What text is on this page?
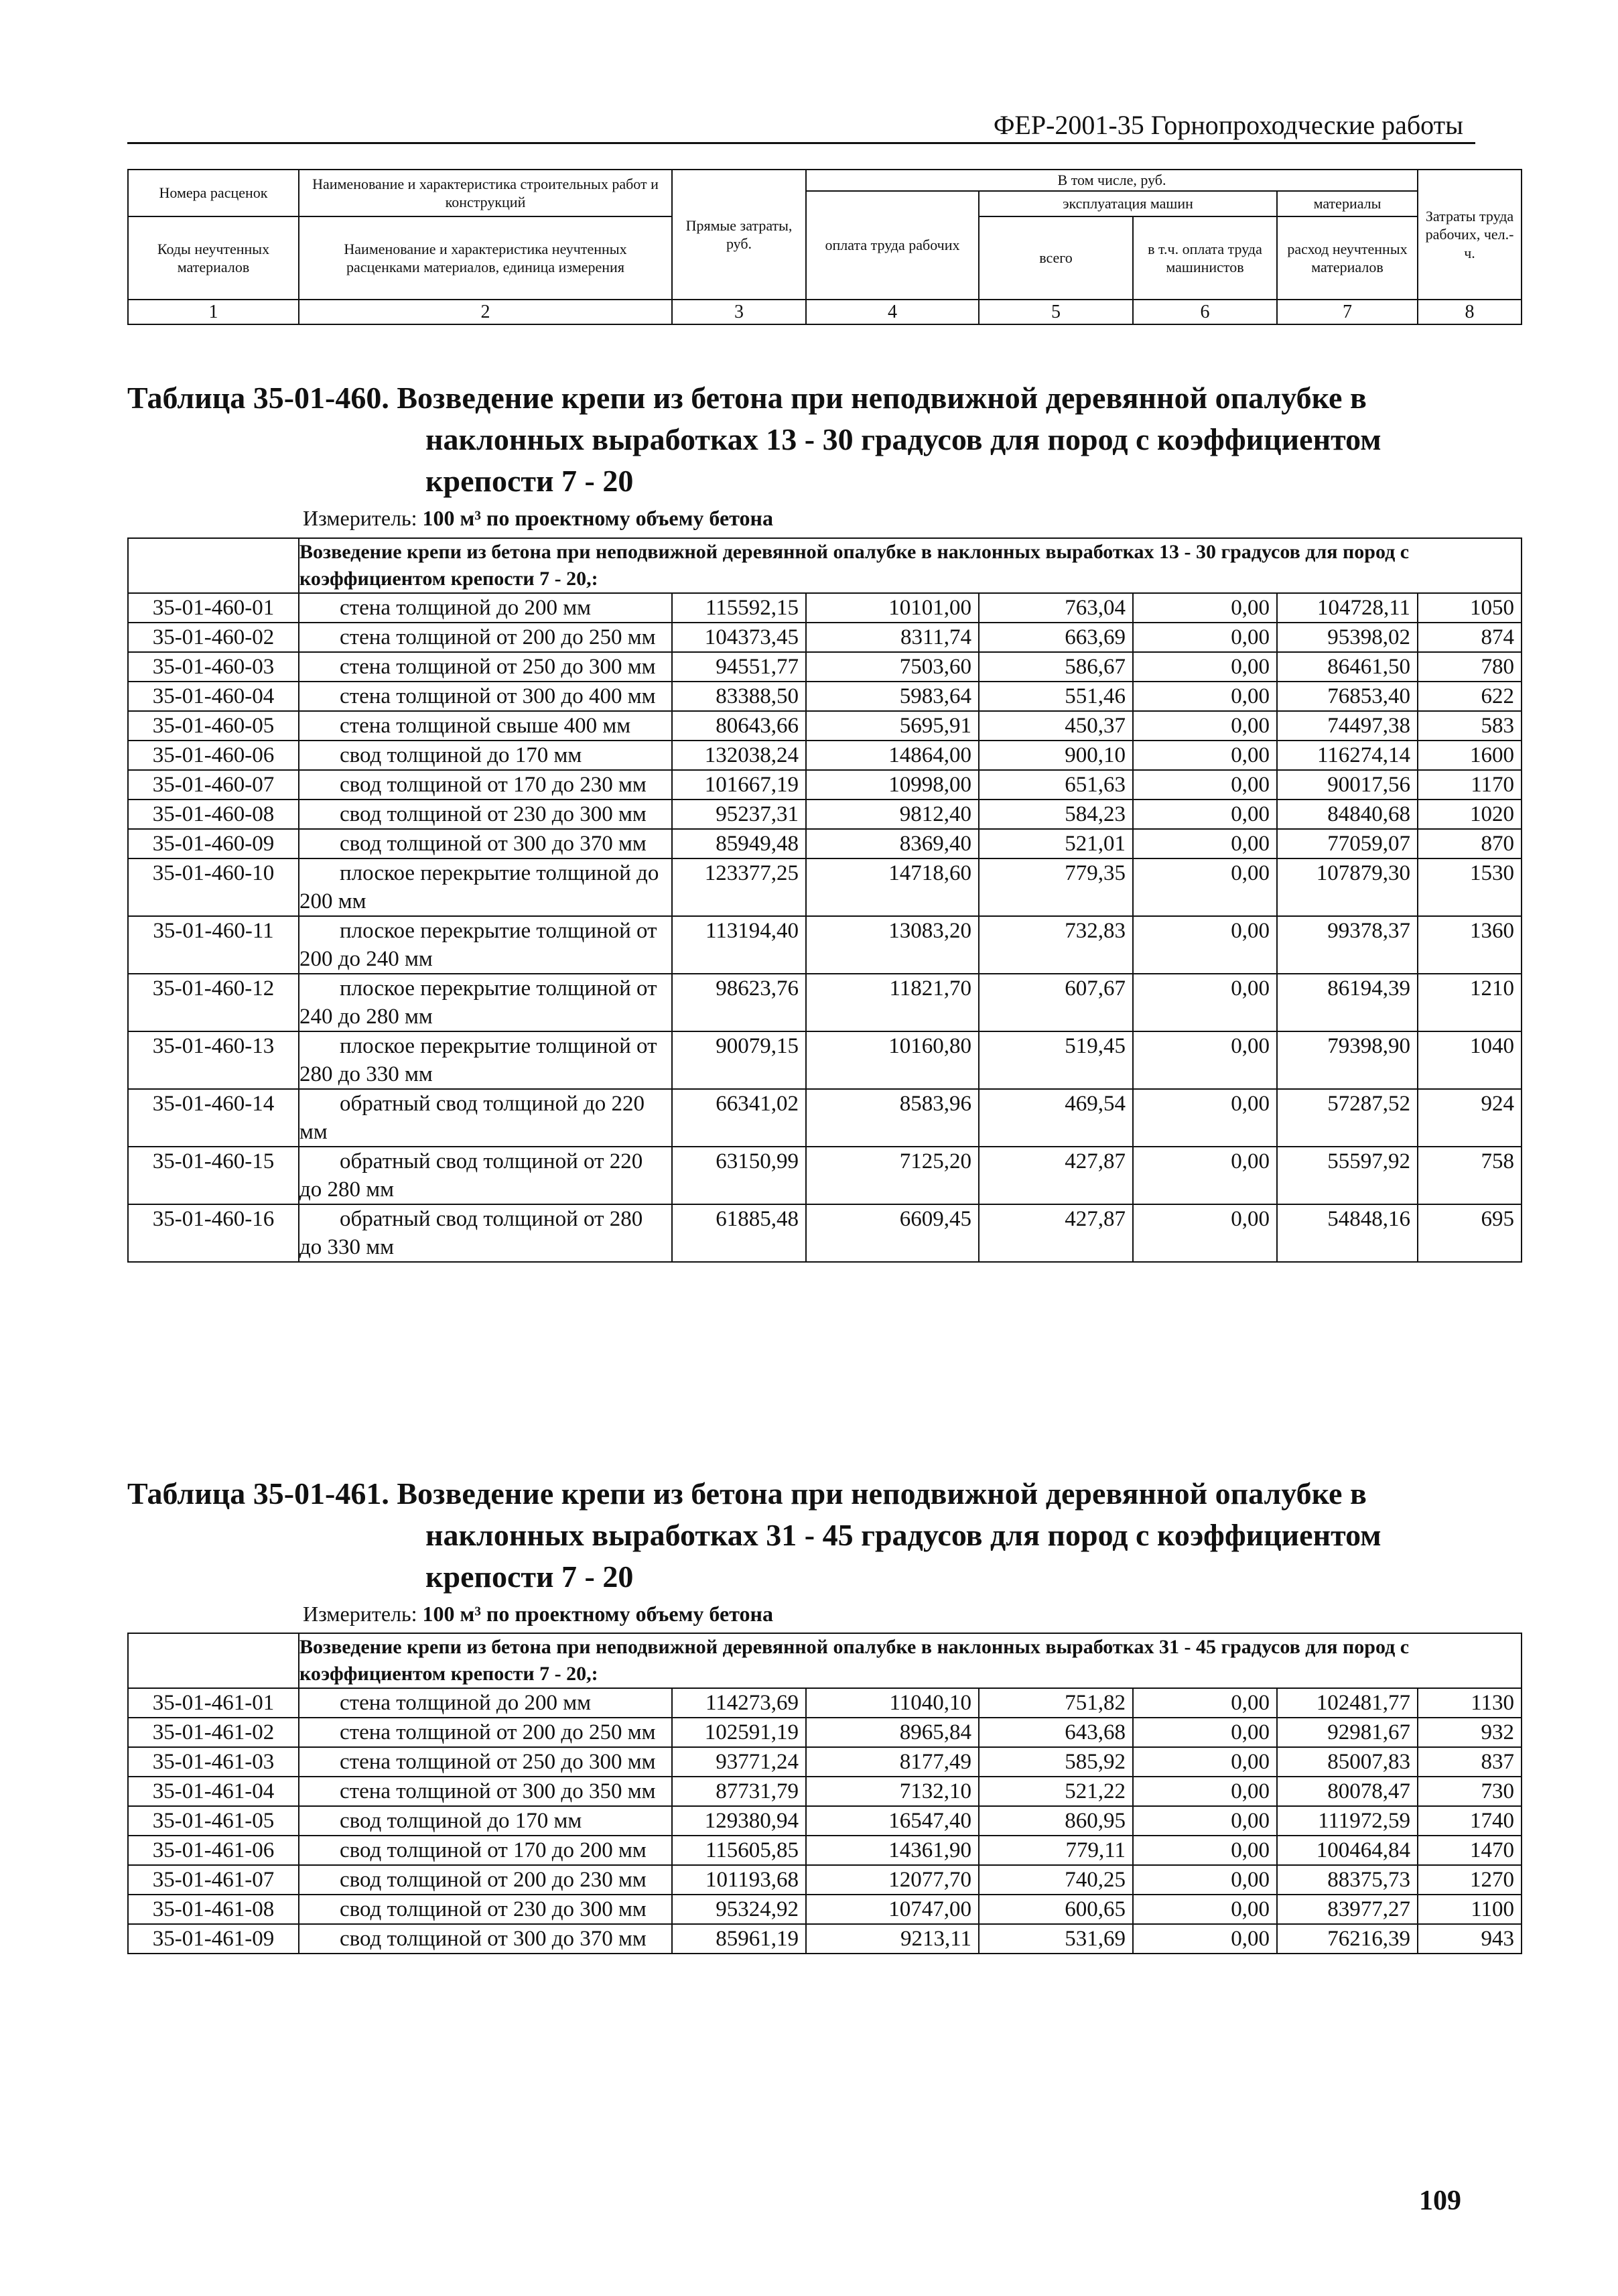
ФЕР-2001-35 Горнопроходческие работы
Номера расценок	Наименование и характеристика строительных работ и конструкций	Прямые затраты, руб.	В том числе, руб.				Затраты труда рабочих, чел.-ч.
			оплата труда рабочих	эксплуатация машин		материалы	
Коды неучтенных материалов	Наименование и характеристика неучтенных расценками материалов, единица измерения			всего	в т.ч. оплата труда машинистов	расход неучтенных материалов	

1	2	3	4	5	6	7	8
Таблица 35-01-460. Возведение крепи из бетона при неподвижной деревянной опалубке в
наклонных выработках 13 - 30 градусов для пород с коэффициентом
крепости 7 - 20
Измеритель: 100 м³ по проектному объему бетона
	Возведение крепи из бетона при неподвижной деревянной опалубке в наклонных выработках 13 - 30 градусов для пород с коэффициентом крепости 7 - 20,:						
35-01-460-01	стена толщиной до 200 мм	115592,15	10101,00	763,04	0,00	104728,11	1050
35-01-460-02	стена толщиной от 200 до 250 мм	104373,45	8311,74	663,69	0,00	95398,02	874
35-01-460-03	стена толщиной от 250 до 300 мм	94551,77	7503,60	586,67	0,00	86461,50	780
35-01-460-04	стена толщиной от 300 до 400 мм	83388,50	5983,64	551,46	0,00	76853,40	622
35-01-460-05	стена толщиной свыше 400 мм	80643,66	5695,91	450,37	0,00	74497,38	583
35-01-460-06	свод толщиной до 170 мм	132038,24	14864,00	900,10	0,00	116274,14	1600
35-01-460-07	свод толщиной от 170 до 230 мм	101667,19	10998,00	651,63	0,00	90017,56	1170
35-01-460-08	свод толщиной от 230 до 300 мм	95237,31	9812,40	584,23	0,00	84840,68	1020
35-01-460-09	свод толщиной от 300 до 370 мм	85949,48	8369,40	521,01	0,00	77059,07	870
35-01-460-10	плоское перекрытие толщиной до 200 мм	123377,25	14718,60	779,35	0,00	107879,30	1530
35-01-460-11	плоское перекрытие толщиной от 200 до 240 мм	113194,40	13083,20	732,83	0,00	99378,37	1360
35-01-460-12	плоское перекрытие толщиной от 240 до 280 мм	98623,76	11821,70	607,67	0,00	86194,39	1210
35-01-460-13	плоское перекрытие толщиной от 280 до 330 мм	90079,15	10160,80	519,45	0,00	79398,90	1040
35-01-460-14	обратный свод толщиной до 220 мм	66341,02	8583,96	469,54	0,00	57287,52	924
35-01-460-15	обратный свод толщиной от 220 до 280 мм	63150,99	7125,20	427,87	0,00	55597,92	758
35-01-460-16	обратный свод толщиной от 280 до 330 мм	61885,48	6609,45	427,87	0,00	54848,16	695
Таблица 35-01-461. Возведение крепи из бетона при неподвижной деревянной опалубке в
наклонных выработках 31 - 45 градусов для пород с коэффициентом
крепости 7 - 20
Измеритель: 100 м³ по проектному объему бетона
	Возведение крепи из бетона при неподвижной деревянной опалубке в наклонных выработках 31 - 45 градусов для пород с коэффициентом крепости 7 - 20,:						
35-01-461-01	стена толщиной до 200 мм	114273,69	11040,10	751,82	0,00	102481,77	1130
35-01-461-02	стена толщиной от 200 до 250 мм	102591,19	8965,84	643,68	0,00	92981,67	932
35-01-461-03	стена толщиной от 250 до 300 мм	93771,24	8177,49	585,92	0,00	85007,83	837
35-01-461-04	стена толщиной от 300 до 350 мм	87731,79	7132,10	521,22	0,00	80078,47	730
35-01-461-05	свод толщиной до 170 мм	129380,94	16547,40	860,95	0,00	111972,59	1740
35-01-461-06	свод толщиной от 170 до 200 мм	115605,85	14361,90	779,11	0,00	100464,84	1470
35-01-461-07	свод толщиной от 200 до 230 мм	101193,68	12077,70	740,25	0,00	88375,73	1270
35-01-461-08	свод толщиной от 230 до 300 мм	95324,92	10747,00	600,65	0,00	83977,27	1100
35-01-461-09	свод толщиной от 300 до 370 мм	85961,19	9213,11	531,69	0,00	76216,39	943
109
